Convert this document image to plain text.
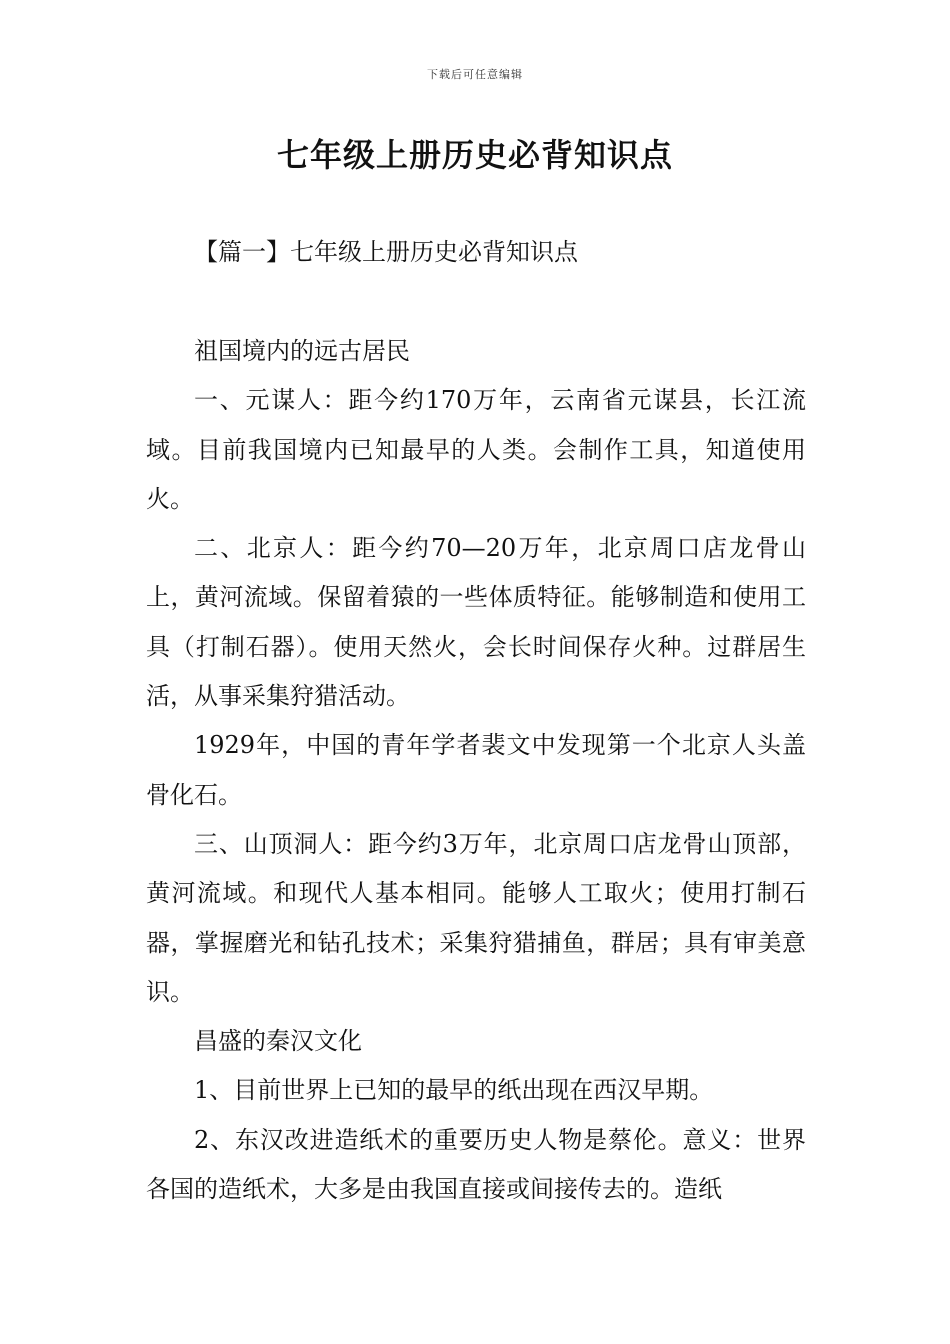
下载后可任意编辑
七年级上册历史必背知识点
【篇一】七年级上册历史必背知识点

祖国境内的远古居民

一、元谋人：距今约170万年，云南省元谋县，长江流域。目前我国境内已知最早的人类。会制作工具，知道使用火。

二、北京人：距今约70—20万年，北京周口店龙骨山上，黄河流域。保留着猿的一些体质特征。能够制造和使用工具（打制石器）。使用天然火，会长时间保存火种。过群居生活，从事采集狩猎活动。

1929年，中国的青年学者裴文中发现第一个北京人头盖骨化石。

三、山顶洞人：距今约3万年，北京周口店龙骨山顶部，黄河流域。和现代人基本相同。能够人工取火；使用打制石器，掌握磨光和钻孔技术；采集狩猎捕鱼，群居；具有审美意识。

昌盛的秦汉文化

1、目前世界上已知的最早的纸出现在西汉早期。

2、东汉改进造纸术的重要历史人物是蔡伦。意义：世界各国的造纸术，大多是由我国直接或间接传去的。造纸
